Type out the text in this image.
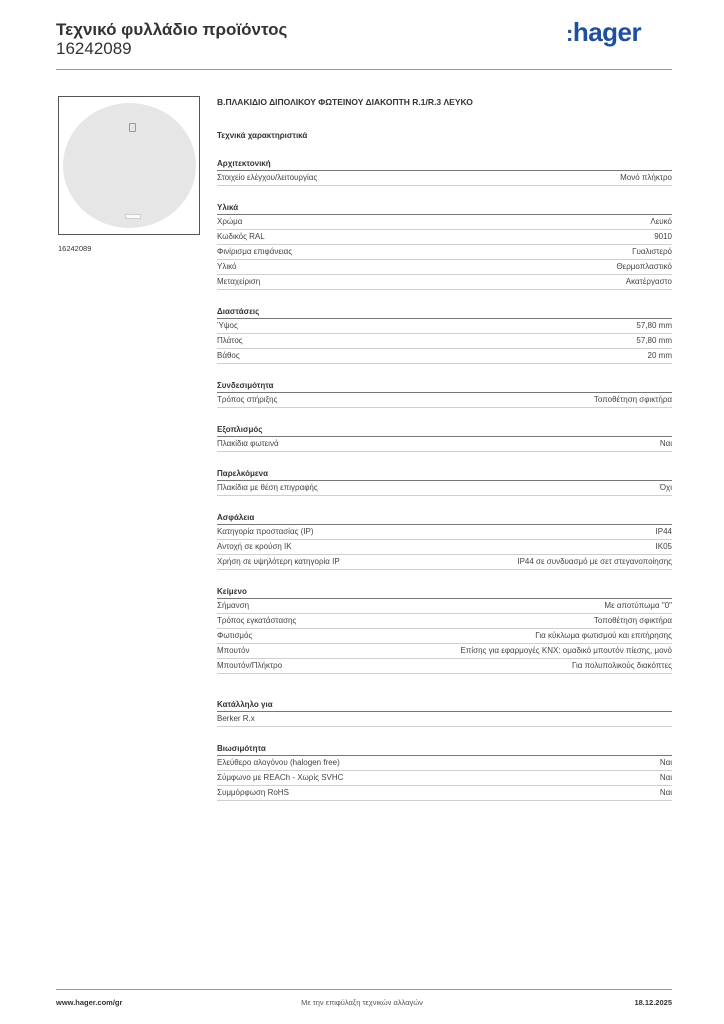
Τεχνικό φυλλάδιο προϊόντος
16242089
:hager
16242089
B.ΠΛΑΚΙΔΙΟ ΔΙΠΟΛΙΚΟΥ ΦΩΤΕΙΝΟΥ ΔΙΑΚΟΠΤΗ R.1/R.3 ΛΕΥΚΟ
Τεχνικά χαρακτηριστικά
Αρχιτεκτονική
Στοιχείο ελέγχου/λειτουργίας	Μονό πλήκτρο
Υλικά
Χρώμα	Λευκό
Κωδικός RAL	9010
Φινίρισμα επιφάνειας	Γυαλιστερό
Υλικό	Θερμοπλαστικό
Μεταχείριση	Ακατέργαστο
Διαστάσεις
Ύψος	57,80 mm
Πλάτος	57,80 mm
Βάθος	20 mm
Συνδεσιμότητα
Τρόπος στήριξης	Τοποθέτηση σφικτήρα
Εξοπλισμός
Πλακίδια φωτεινά	Ναι
Παρελκόμενα
Πλακίδια με θέση επιγραφής	Όχι
Ασφάλεια
Κατηγορία προστασίας (IP)	IP44
Αντοχή σε κρούση IK	IK05
Χρήση σε υψηλότερη κατηγορία IP	IP44 σε συνδυασμό με σετ στεγανοποίησης
Κείμενο
Σήμανση	Με αποτύπωμα "0"
Τρόπος εγκατάστασης	Τοποθέτηση σφικτήρα
Φωτισμός	Για κύκλωμα φωτισμού και επιτήρησης
Μπουτόν	Επίσης για εφαρμογές KNX: ομαδικό μπουτόν πίεσης, μονό
Μπουτόν/Πλήκτρο	Για πολυπολικούς διακόπτες
Κατάλληλο για
Berker R.x
Βιωσιμότητα
Ελεύθερο αλογόνου (halogen free)	Ναι
Σύμφωνο με REACh - Χωρίς SVHC	Ναι
Συμμόρφωση RoHS	Ναι
www.hager.com/gr	Με την επιφύλαξη τεχνικών αλλαγών	18.12.2025
